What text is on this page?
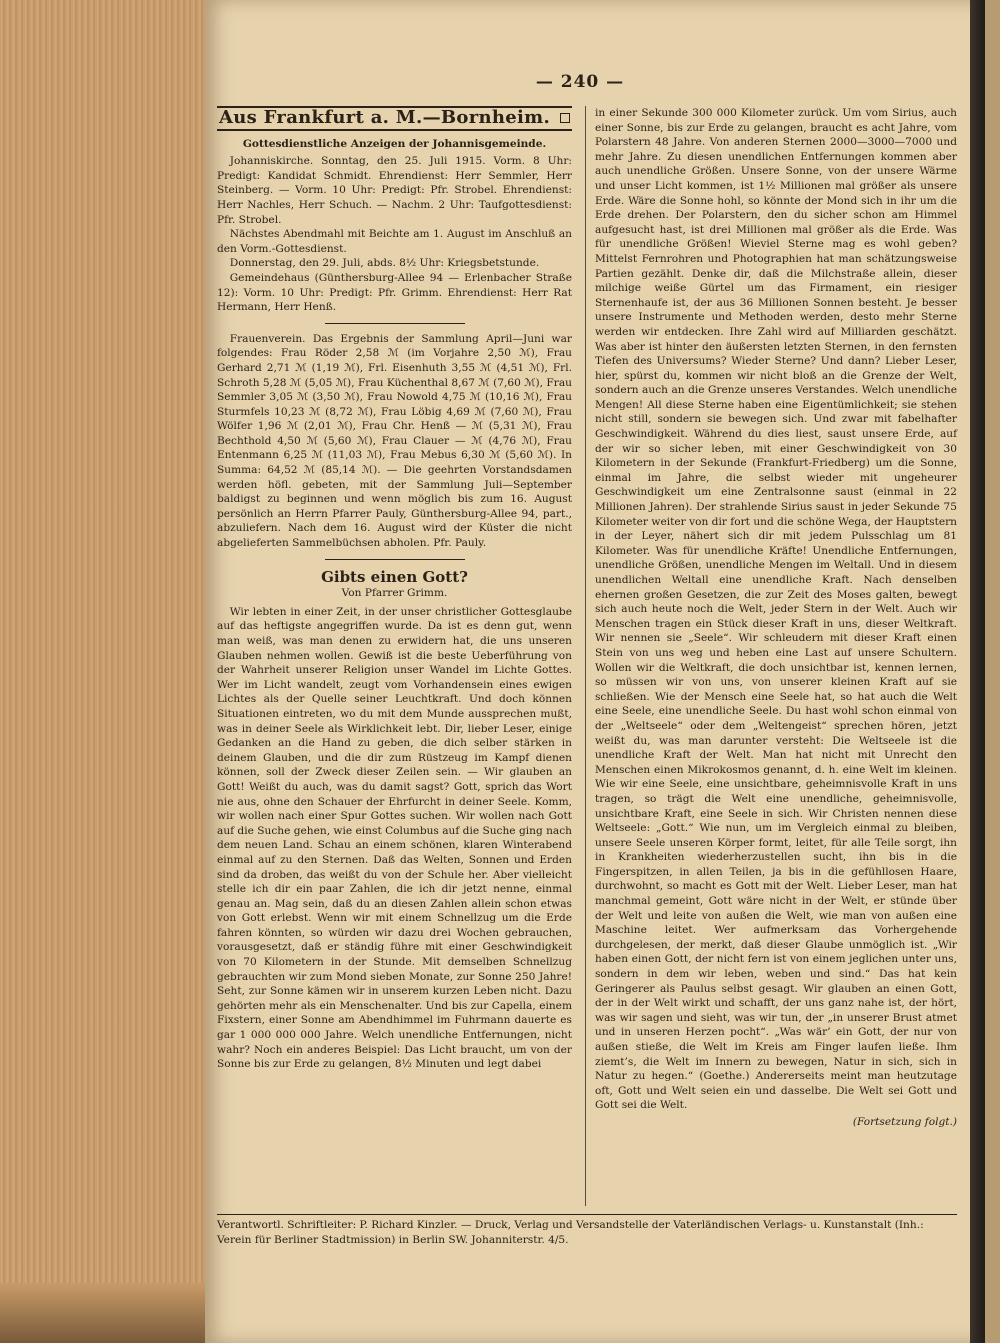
— 240 —
Aus Frankfurt a. M.—Bornheim.
Gottesdienstliche Anzeigen der Johannisgemeinde.

Johanniskirche. Sonntag, den 25. Juli 1915. Vorm. 8 Uhr: Predigt: Kandidat Schmidt. Ehrendienst: Herr Semmler, Herr Steinberg. — Vorm. 10 Uhr: Predigt: Pfr. Strobel. Ehrendienst: Herr Nachles, Herr Schuch. — Nachm. 2 Uhr: Taufgottesdienst: Pfr. Strobel.

Nächstes Abendmahl mit Beichte am 1. August im Anschluß an den Vorm.-Gottesdienst.

Donnerstag, den 29. Juli, abds. 8½ Uhr: Kriegsbetstunde.

Gemeindehaus (Günthersburg-Allee 94 — Erlenbacher Straße 12): Vorm. 10 Uhr: Predigt: Pfr. Grimm. Ehrendienst: Herr Rat Hermann, Herr Henß.

Frauenverein. Das Ergebnis der Sammlung April—Juni war folgendes: Frau Röder 2,58 ℳ (im Vorjahre 2,50 ℳ), Frau Gerhard 2,71 ℳ (1,19 ℳ), Frl. Eisenhuth 3,55 ℳ (4,51 ℳ), Frl. Schroth 5,28 ℳ (5,05 ℳ), Frau Küchenthal 8,67 ℳ (7,60 ℳ), Frau Semmler 3,05 ℳ (3,50 ℳ), Frau Nowold 4,75 ℳ (10,16 ℳ), Frau Sturmfels 10,23 ℳ (8,72 ℳ), Frau Löbig 4,69 ℳ (7,60 ℳ), Frau Wölfer 1,96 ℳ (2,01 ℳ), Frau Chr. Henß — ℳ (5,31 ℳ), Frau Bechthold 4,50 ℳ (5,60 ℳ), Frau Clauer — ℳ (4,76 ℳ), Frau Entenmann 6,25 ℳ (11,03 ℳ), Frau Mebus 6,30 ℳ (5,60 ℳ). In Summa: 64,52 ℳ (85,14 ℳ). — Die geehrten Vorstandsdamen werden höfl. gebeten, mit der Sammlung Juli—September baldigst zu beginnen und wenn möglich bis zum 16. August persönlich an Herrn Pfarrer Pauly, Günthersburg-Allee 94, part., abzuliefern. Nach dem 16. August wird der Küster die nicht abgelieferten Sammelbüchsen abholen. Pfr. Pauly.

Gibts einen Gott?
Von Pfarrer Grimm.

Wir lebten in einer Zeit, in der unser christlicher Gottesglaube auf das heftigste angegriffen wurde. Da ist es denn gut, wenn man weiß, was man denen zu erwidern hat, die uns unseren Glauben nehmen wollen. Gewiß ist die beste Ueberführung von der Wahrheit unserer Religion unser Wandel im Lichte Gottes. Wer im Licht wandelt, zeugt vom Vorhandensein eines ewigen Lichtes als der Quelle seiner Leuchtkraft. Und doch können Situationen eintreten, wo du mit dem Munde aussprechen mußt, was in deiner Seele als Wirklichkeit lebt. Dir, lieber Leser, einige Gedanken an die Hand zu geben, die dich selber stärken in deinem Glauben, und die dir zum Rüstzeug im Kampf dienen können, soll der Zweck dieser Zeilen sein. — Wir glauben an Gott! Weißt du auch, was du damit sagst? Gott, sprich das Wort nie aus, ohne den Schauer der Ehrfurcht in deiner Seele. Komm, wir wollen nach einer Spur Gottes suchen. Wir wollen nach Gott auf die Suche gehen, wie einst Columbus auf die Suche ging nach dem neuen Land. Schau an einem schönen, klaren Winterabend einmal auf zu den Sternen. Daß das Welten, Sonnen und Erden sind da droben, das weißt du von der Schule her. Aber vielleicht stelle ich dir ein paar Zahlen, die ich dir jetzt nenne, einmal genau an. Mag sein, daß du an diesen Zahlen allein schon etwas von Gott erlebst. Wenn wir mit einem Schnellzug um die Erde fahren könnten, so würden wir dazu drei Wochen gebrauchen, vorausgesetzt, daß er ständig führe mit einer Geschwindigkeit von 70 Kilometern in der Stunde. Mit demselben Schnellzug gebrauchten wir zum Mond sieben Monate, zur Sonne 250 Jahre! Seht, zur Sonne kämen wir in unserem kurzen Leben nicht. Dazu gehörten mehr als ein Menschenalter. Und bis zur Capella, einem Fixstern, einer Sonne am Abendhimmel im Fuhrmann dauerte es gar 1 000 000 000 Jahre. Welch unendliche Entfernungen, nicht wahr? Noch ein anderes Beispiel: Das Licht braucht, um von der Sonne bis zur Erde zu gelangen, 8½ Minuten und legt dabei

in einer Sekunde 300 000 Kilometer zurück. Um vom Sirius, auch einer Sonne, bis zur Erde zu gelangen, braucht es acht Jahre, vom Polarstern 48 Jahre. Von anderen Sternen 2000—3000—7000 und mehr Jahre. Zu diesen unendlichen Entfernungen kommen aber auch unendliche Größen. Unsere Sonne, von der unsere Wärme und unser Licht kommen, ist 1½ Millionen mal größer als unsere Erde. Wäre die Sonne hohl, so könnte der Mond sich in ihr um die Erde drehen. Der Polarstern, den du sicher schon am Himmel aufgesucht hast, ist drei Millionen mal größer als die Erde. Was für unendliche Größen! Wieviel Sterne mag es wohl geben? Mittelst Fernrohren und Photographien hat man schätzungsweise Partien gezählt. Denke dir, daß die Milchstraße allein, dieser milchige weiße Gürtel um das Firmament, ein riesiger Sternenhaufe ist, der aus 36 Millionen Sonnen besteht. Je besser unsere Instrumente und Methoden werden, desto mehr Sterne werden wir entdecken. Ihre Zahl wird auf Milliarden geschätzt. Was aber ist hinter den äußersten letzten Sternen, in den fernsten Tiefen des Universums? Wieder Sterne? Und dann? Lieber Leser, hier, spürst du, kommen wir nicht bloß an die Grenze der Welt, sondern auch an die Grenze unseres Verstandes. Welch unendliche Mengen! All diese Sterne haben eine Eigentümlichkeit; sie stehen nicht still, sondern sie bewegen sich. Und zwar mit fabelhafter Geschwindigkeit. Während du dies liest, saust unsere Erde, auf der wir so sicher leben, mit einer Geschwindigkeit von 30 Kilometern in der Sekunde (Frankfurt-Friedberg) um die Sonne, einmal im Jahre, die selbst wieder mit ungeheurer Geschwindigkeit um eine Zentralsonne saust (einmal in 22 Millionen Jahren). Der strahlende Sirius saust in jeder Sekunde 75 Kilometer weiter von dir fort und die schöne Wega, der Hauptstern in der Leyer, nähert sich dir mit jedem Pulsschlag um 81 Kilometer. Was für unendliche Kräfte! Unendliche Entfernungen, unendliche Größen, unendliche Mengen im Weltall. Und in diesem unendlichen Weltall eine unendliche Kraft. Nach denselben ehernen großen Gesetzen, die zur Zeit des Moses galten, bewegt sich auch heute noch die Welt, jeder Stern in der Welt. Auch wir Menschen tragen ein Stück dieser Kraft in uns, dieser Weltkraft. Wir nennen sie „Seele“. Wir schleudern mit dieser Kraft einen Stein von uns weg und heben eine Last auf unsere Schultern. Wollen wir die Weltkraft, die doch unsichtbar ist, kennen lernen, so müssen wir von uns, von unserer kleinen Kraft auf sie schließen. Wie der Mensch eine Seele hat, so hat auch die Welt eine Seele, eine unendliche Seele. Du hast wohl schon einmal von der „Weltseele“ oder dem „Weltengeist“ sprechen hören, jetzt weißt du, was man darunter versteht: Die Weltseele ist die unendliche Kraft der Welt. Man hat nicht mit Unrecht den Menschen einen Mikrokosmos genannt, d. h. eine Welt im kleinen. Wie wir eine Seele, eine unsichtbare, geheimnisvolle Kraft in uns tragen, so trägt die Welt eine unendliche, geheimnisvolle, unsichtbare Kraft, eine Seele in sich. Wir Christen nennen diese Weltseele: „Gott.“ Wie nun, um im Vergleich einmal zu bleiben, unsere Seele unseren Körper formt, leitet, für alle Teile sorgt, ihn in Krankheiten wiederherzustellen sucht, ihn bis in die Fingerspitzen, in allen Teilen, ja bis in die gefühllosen Haare, durchwohnt, so macht es Gott mit der Welt. Lieber Leser, man hat manchmal gemeint, Gott wäre nicht in der Welt, er stünde über der Welt und leite von außen die Welt, wie man von außen eine Maschine leitet. Wer aufmerksam das Vorhergehende durchgelesen, der merkt, daß dieser Glaube unmöglich ist. „Wir haben einen Gott, der nicht fern ist von einem jeglichen unter uns, sondern in dem wir leben, weben und sind.“ Das hat kein Geringerer als Paulus selbst gesagt. Wir glauben an einen Gott, der in der Welt wirkt und schafft, der uns ganz nahe ist, der hört, was wir sagen und sieht, was wir tun, der „in unserer Brust atmet und in unseren Herzen pocht“. „Was wär’ ein Gott, der nur von außen stieße, die Welt im Kreis am Finger laufen ließe. Ihm ziemt’s, die Welt im Innern zu bewegen, Natur in sich, sich in Natur zu hegen.“ (Goethe.) Andererseits meint man heutzutage oft, Gott und Welt seien ein und dasselbe. Die Welt sei Gott und Gott sei die Welt.

(Fortsetzung folgt.)
Verantwortl. Schriftleiter: P. Richard Kinzler. — Druck, Verlag und Versandstelle der Vaterländischen Verlags- u. Kunstanstalt (Inh.: Verein für Berliner Stadtmission) in Berlin SW. Johanniterstr. 4/5.
